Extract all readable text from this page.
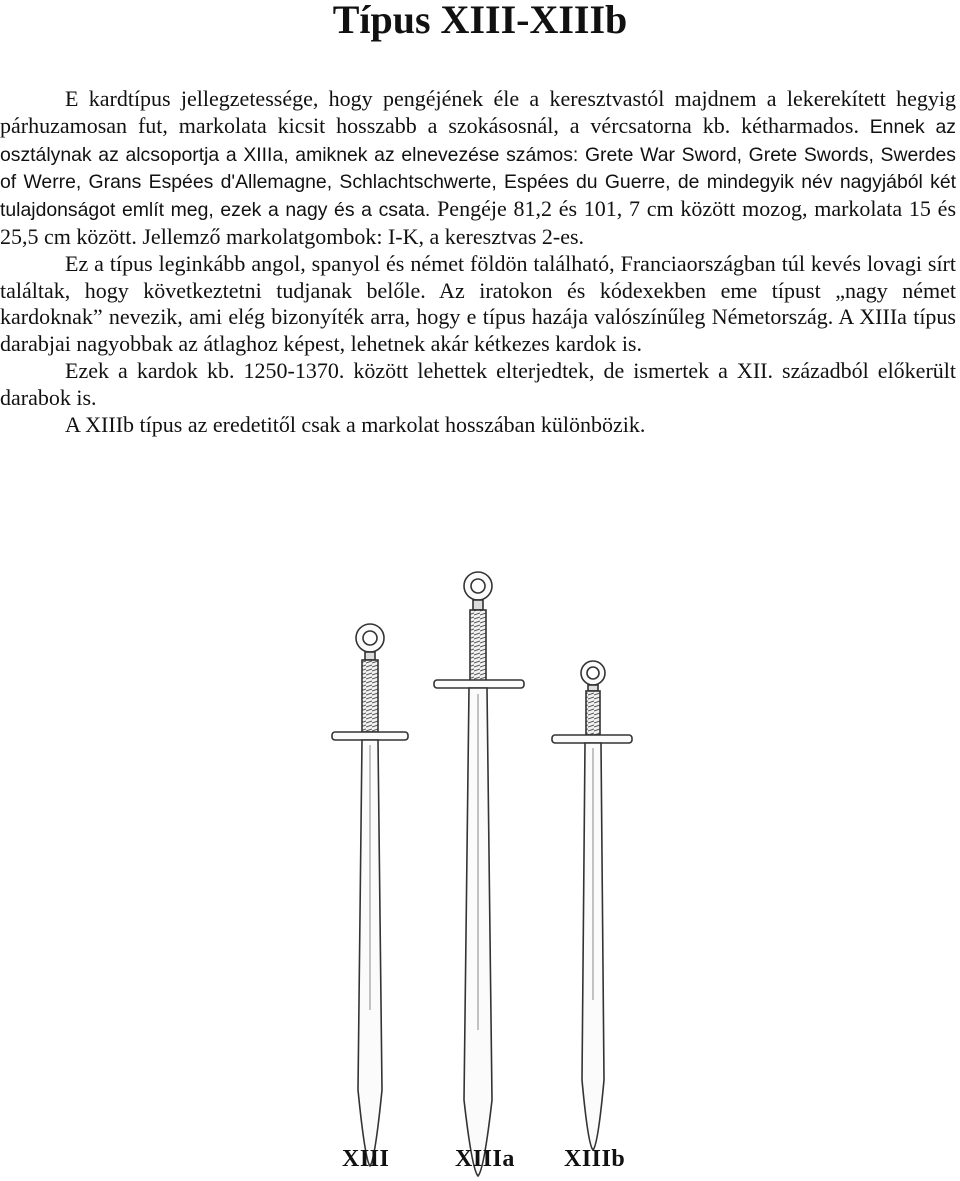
Típus XIII-XIIIb

E kardtípus jellegzetessége, hogy pengéjének éle a keresztvastól majdnem a lekerekített hegyig párhuzamosan fut, markolata kicsit hosszabb a szokásosnál, a vércsatorna kb. kétharmados. Ennek az osztálynak az alcsoportja a XIIIa, amiknek az elnevezése számos: Grete War Sword, Grete Swords, Swerdes of Werre, Grans Espées d'Allemagne, Schlachtschwerte, Espées du Guerre, de mindegyik név nagyjából két tulajdonságot említ meg, ezek a nagy és a csata. Pengéje 81,2 és 101, 7 cm között mozog, markolata 15 és 25,5 cm között. Jellemző markolatgombok: I-K, a keresztvas 2-es.

Ez a típus leginkább angol, spanyol és német földön található, Franciaországban túl kevés lovagi sírt találtak, hogy következtetni tudjanak belőle. Az iratokon és kódexekben eme típust „nagy német kardoknak” nevezik, ami elég bizonyíték arra, hogy e típus hazája valószínűleg Németország. A XIIIa típus darabjai nagyobbak az átlaghoz képest, lehetnek akár kétkezes kardok is.

Ezek a kardok kb. 1250-1370. között lehettek elterjedtek, de ismertek a XII. századból előkerült darabok is.

A XIIIb típus az eredetitől csak a markolat hosszában különbözik.

XIII	XIIIa XIIIb
